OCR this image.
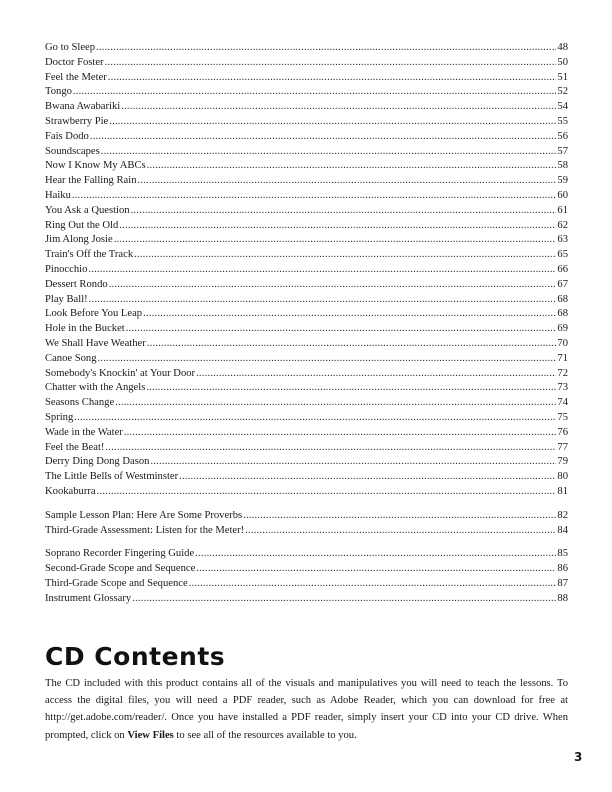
Go to Sleep .....	48
Doctor Foster .....	50
Feel the Meter .....	51
Tongo .....	52
Bwana Awabariki .....	54
Strawberry Pie .....	55
Fais Dodo .....	56
Soundscapes .....	57
Now I Know My ABCs .....	58
Hear the Falling Rain .....	59
Haiku .....	60
You Ask a Question .....	61
Ring Out the Old .....	62
Jim Along Josie .....	63
Train's Off the Track .....	65
Pinocchio .....	66
Dessert Rondo .....	67
Play Ball! .....	68
Look Before You Leap .....	68
Hole in the Bucket .....	69
We Shall Have Weather .....	70
Canoe Song .....	71
Somebody's Knockin' at Your Door .....	72
Chatter with the Angels .....	73
Seasons Change .....	74
Spring .....	75
Wade in the Water .....	76
Feel the Beat! .....	77
Derry Ding Dong Dason .....	79
The Little Bells of Westminster .....	80
Kookaburra .....	81
Sample Lesson Plan: Here Are Some Proverbs .....	82
Third-Grade Assessment: Listen for the Meter! .....	84
Soprano Recorder Fingering Guide .....	85
Second-Grade Scope and Sequence .....	86
Third-Grade Scope and Sequence .....	87
Instrument Glossary .....	88
CD Contents

The CD included with this product contains all of the visuals and manipulatives you will need to teach the lessons. To access the digital files, you will need a PDF reader, such as Adobe Reader, which you can download for free at http://get.adobe.com/reader/. Once you have installed a PDF reader, simply insert your CD into your CD drive. When prompted, click on View Files to see all of the resources available to you.

3
